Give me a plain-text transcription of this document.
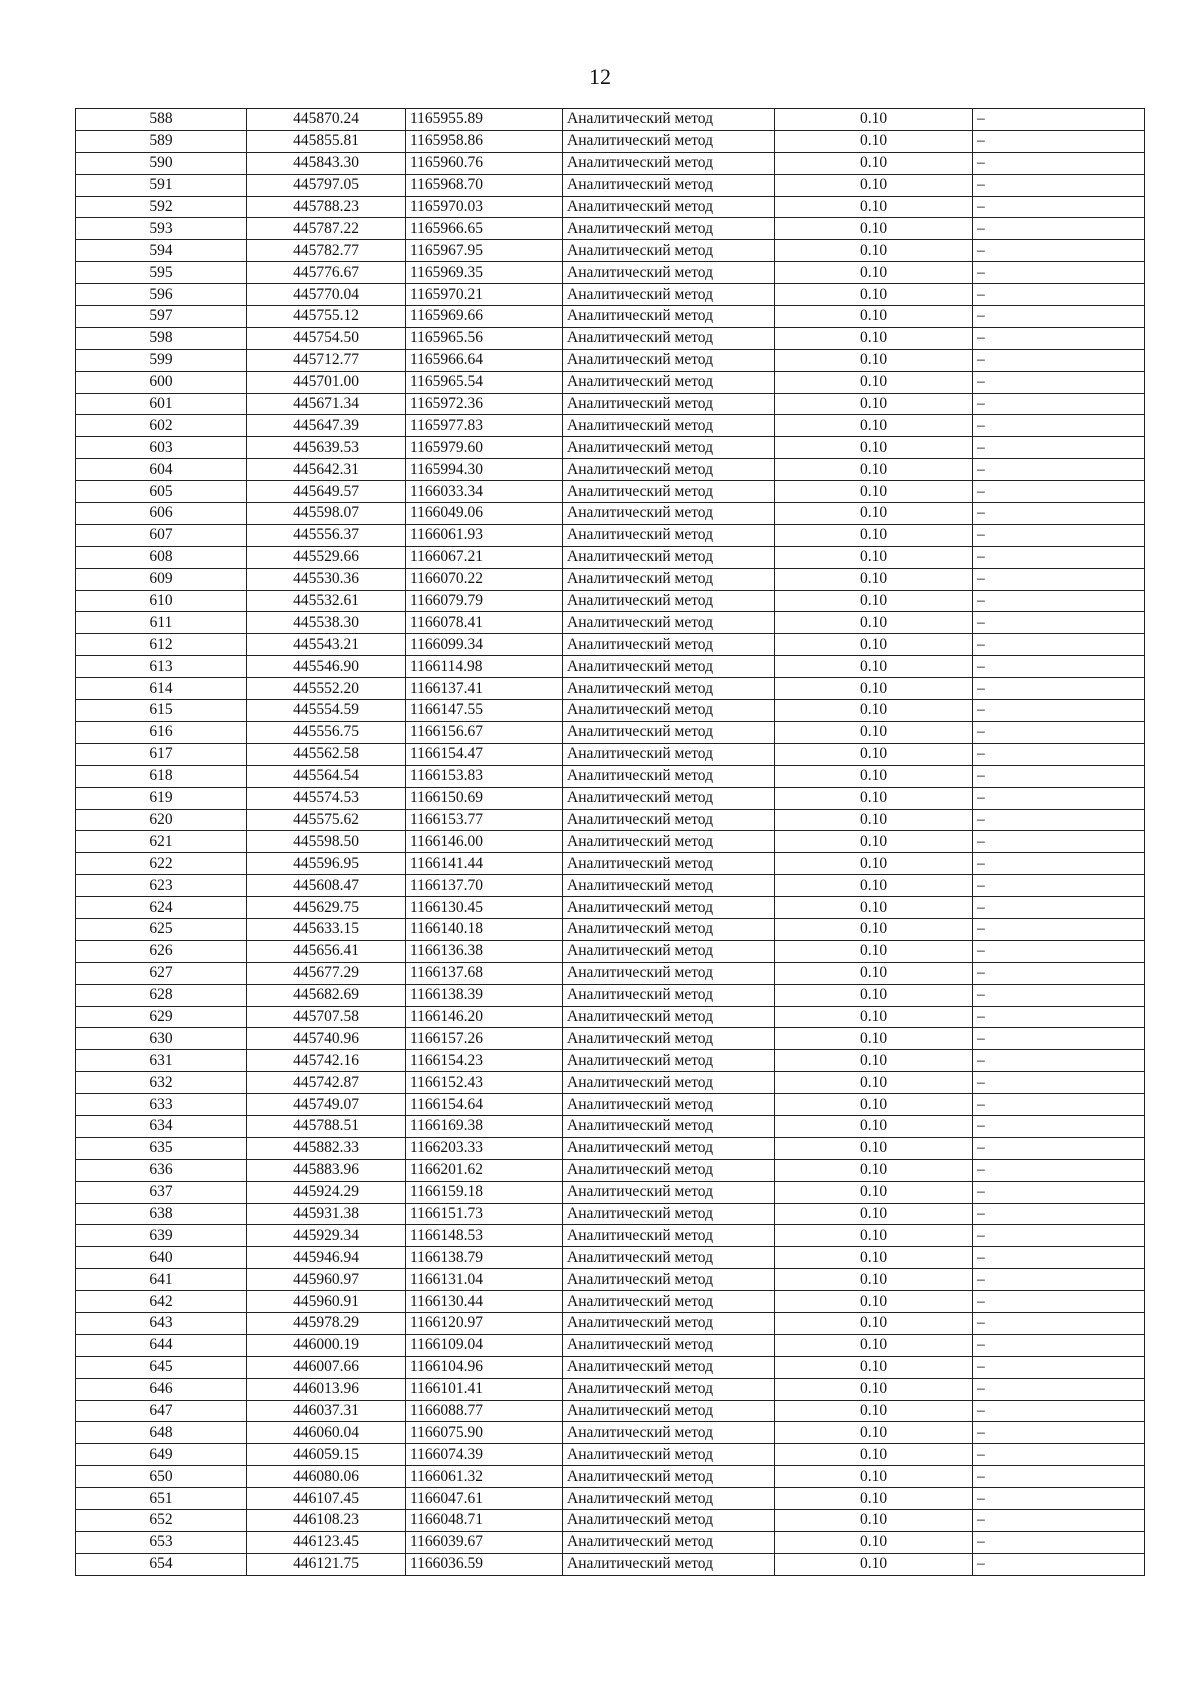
12
588	445870.24	1165955.89	Аналитический метод	0.10	–
589	445855.81	1165958.86	Аналитический метод	0.10	–
590	445843.30	1165960.76	Аналитический метод	0.10	–
591	445797.05	1165968.70	Аналитический метод	0.10	–
592	445788.23	1165970.03	Аналитический метод	0.10	–
593	445787.22	1165966.65	Аналитический метод	0.10	–
594	445782.77	1165967.95	Аналитический метод	0.10	–
595	445776.67	1165969.35	Аналитический метод	0.10	–
596	445770.04	1165970.21	Аналитический метод	0.10	–
597	445755.12	1165969.66	Аналитический метод	0.10	–
598	445754.50	1165965.56	Аналитический метод	0.10	–
599	445712.77	1165966.64	Аналитический метод	0.10	–
600	445701.00	1165965.54	Аналитический метод	0.10	–
601	445671.34	1165972.36	Аналитический метод	0.10	–
602	445647.39	1165977.83	Аналитический метод	0.10	–
603	445639.53	1165979.60	Аналитический метод	0.10	–
604	445642.31	1165994.30	Аналитический метод	0.10	–
605	445649.57	1166033.34	Аналитический метод	0.10	–
606	445598.07	1166049.06	Аналитический метод	0.10	–
607	445556.37	1166061.93	Аналитический метод	0.10	–
608	445529.66	1166067.21	Аналитический метод	0.10	–
609	445530.36	1166070.22	Аналитический метод	0.10	–
610	445532.61	1166079.79	Аналитический метод	0.10	–
611	445538.30	1166078.41	Аналитический метод	0.10	–
612	445543.21	1166099.34	Аналитический метод	0.10	–
613	445546.90	1166114.98	Аналитический метод	0.10	–
614	445552.20	1166137.41	Аналитический метод	0.10	–
615	445554.59	1166147.55	Аналитический метод	0.10	–
616	445556.75	1166156.67	Аналитический метод	0.10	–
617	445562.58	1166154.47	Аналитический метод	0.10	–
618	445564.54	1166153.83	Аналитический метод	0.10	–
619	445574.53	1166150.69	Аналитический метод	0.10	–
620	445575.62	1166153.77	Аналитический метод	0.10	–
621	445598.50	1166146.00	Аналитический метод	0.10	–
622	445596.95	1166141.44	Аналитический метод	0.10	–
623	445608.47	1166137.70	Аналитический метод	0.10	–
624	445629.75	1166130.45	Аналитический метод	0.10	–
625	445633.15	1166140.18	Аналитический метод	0.10	–
626	445656.41	1166136.38	Аналитический метод	0.10	–
627	445677.29	1166137.68	Аналитический метод	0.10	–
628	445682.69	1166138.39	Аналитический метод	0.10	–
629	445707.58	1166146.20	Аналитический метод	0.10	–
630	445740.96	1166157.26	Аналитический метод	0.10	–
631	445742.16	1166154.23	Аналитический метод	0.10	–
632	445742.87	1166152.43	Аналитический метод	0.10	–
633	445749.07	1166154.64	Аналитический метод	0.10	–
634	445788.51	1166169.38	Аналитический метод	0.10	–
635	445882.33	1166203.33	Аналитический метод	0.10	–
636	445883.96	1166201.62	Аналитический метод	0.10	–
637	445924.29	1166159.18	Аналитический метод	0.10	–
638	445931.38	1166151.73	Аналитический метод	0.10	–
639	445929.34	1166148.53	Аналитический метод	0.10	–
640	445946.94	1166138.79	Аналитический метод	0.10	–
641	445960.97	1166131.04	Аналитический метод	0.10	–
642	445960.91	1166130.44	Аналитический метод	0.10	–
643	445978.29	1166120.97	Аналитический метод	0.10	–
644	446000.19	1166109.04	Аналитический метод	0.10	–
645	446007.66	1166104.96	Аналитический метод	0.10	–
646	446013.96	1166101.41	Аналитический метод	0.10	–
647	446037.31	1166088.77	Аналитический метод	0.10	–
648	446060.04	1166075.90	Аналитический метод	0.10	–
649	446059.15	1166074.39	Аналитический метод	0.10	–
650	446080.06	1166061.32	Аналитический метод	0.10	–
651	446107.45	1166047.61	Аналитический метод	0.10	–
652	446108.23	1166048.71	Аналитический метод	0.10	–
653	446123.45	1166039.67	Аналитический метод	0.10	–
654	446121.75	1166036.59	Аналитический метод	0.10	–
